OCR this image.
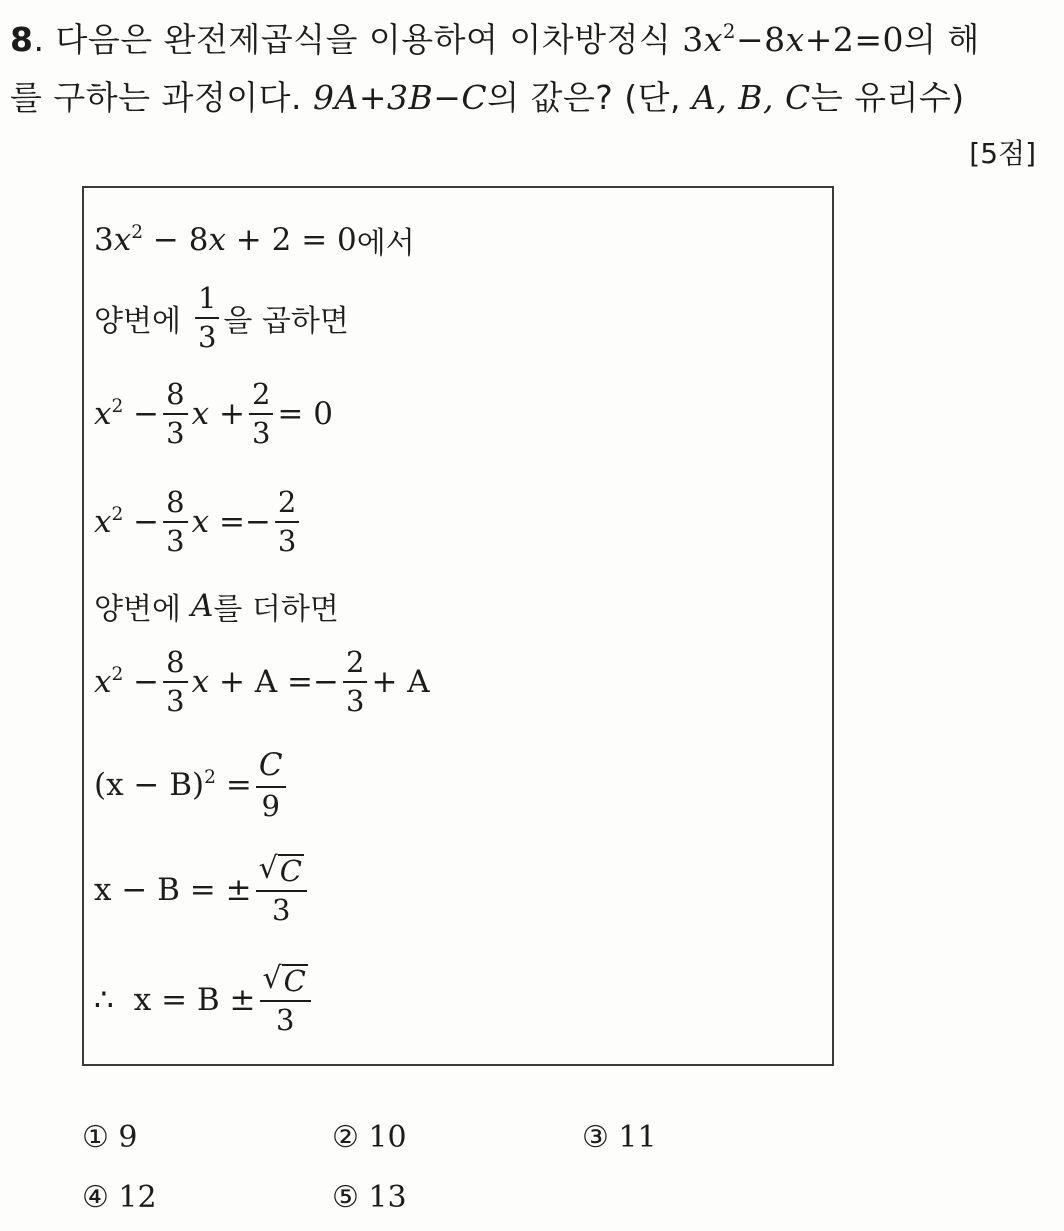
8. 다음은 완전제곱식을 이용하여 이차방정식 $3x^2-8x+2=0$의 해
를 구하는 과정이다. 9A+3B−C의 값은? (단, A, B, C는 유리수)
[5점]
$3x^2 - 8x + 2 = 0$ 에서
양변에 $\frac{1}{3}$ 을 곱하면
$x^2 - \frac{8}{3}$ $x + \frac{2}{3} = 0$
$x^2 - \frac{8}{3}$ $x =- \frac{2}{3}$
양변에 A 를 더하면
$x^2 - \frac{8}{3}$ $x + A =- \frac{2}{3} + A$
$(x - B)^2 = \frac{C}{9}$
x − B = ± $\frac{√ C}{3}$
∴ $x = B \pm \frac{√ C}{3}$
① 9	② 10	③ 11
④ 12	⑤ 13
